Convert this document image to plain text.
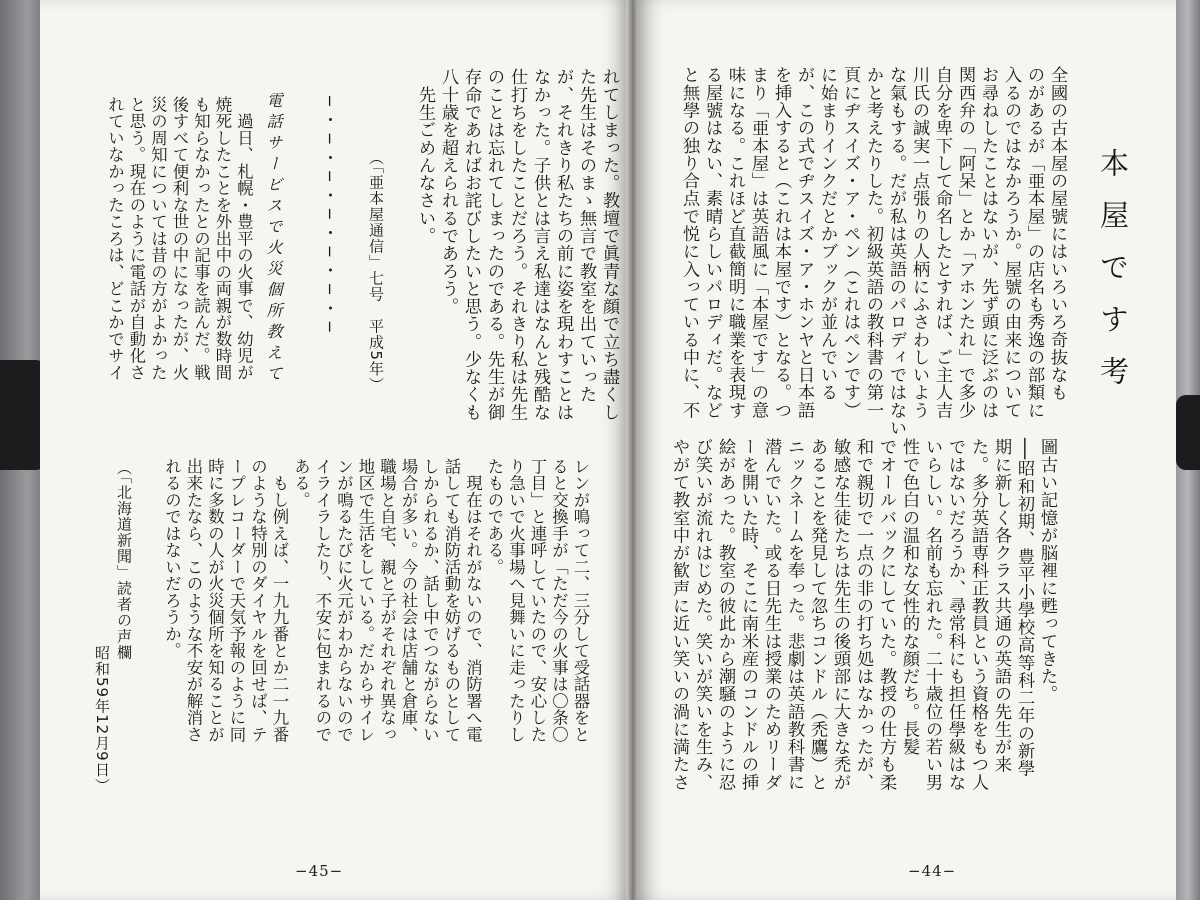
れてしまった。教壇で眞青な顔で立ち盡くし
た先生はそのまゝ無言で教室を出ていった
が、それきり私たちの前に姿を現わすことは
なかった。子供とは言え私達はなんと残酷な
仕打ちをしたことだろう。それきり私は先生
のことは忘れてしまったのである。先生が御
存命であればお詫びしたいと思う。少なくも
八十歳を超えられるであろう。
　先生ごめんなさい。
（「亜本屋通信」七号　平成5年）
─・─・─・─・─・─・─
電話サービスで火災個所教えて
　過日、札幌・豊平の火事で、幼児が
焼死したことを外出中の両親が数時間
も知らなかったとの記事を読んだ。戦
後すべて便利な世の中になったが、火
災の周知については昔の方がよかった
と思う。現在のように電話が自動化さ
れていなかったころは、どこかでサイ
レンが鳴って二、三分して受話器をと
ると交換手が「ただ今の火事は〇条〇
丁目」と連呼していたので、安心した
り急いで火事場へ見舞いに走ったりし
たものである。
　現在はそれがないので、消防署へ電
話しても消防活動を妨げるものとして
しかられるか、話し中でつながらない
場合が多い。今の社会は店舗と倉庫、
職場と自宅、親と子がそれぞれ異なっ
地区で生活をしている。だからサイレ
ンが鳴るたびに火元がわからないので
イライラしたり、不安に包まれるので
ある。
　もし例えば、一九九番とか二一九番
のような特別のダイヤルを回せば、テ
ープレコーダーで天気予報のように同
時に多数の人が火災個所を知ることが
出来たなら、このような不安が解消さ
れるのではないだろうか。
（「北海道新聞」読者の声欄
昭和59年12月9日）
−45−
本屋です考
全國の古本屋の屋號にはいろいろ奇抜なも
のがあるが「亜本屋」の店名も秀逸の部類に
入るのではなかろうか。屋號の由来について
お尋ねしたことはないが、先ず頭に泛ぶのは
関西弁の「阿呆」とか「アホンたれ」で多少
自分を卑下して命名したとすれば、ご主人吉
川氏の誠実一点張りの人柄にふさわしいよう
な氣もする。だが私は英語のパロディではない
かと考えたりした。初級英語の教科書の第一
頁にヂスイズ・ア・ペン（これはペンです）
に始まりインクだとかブックが並んでいる
が、この式でヂスイズ・ア・ホンヤと日本語
を挿入すると（これは本屋です）となる。つ
まり「亜本屋」は英語風に「本屋です」の意
味になる。これほど直截簡明に職業を表現す
る屋號はない、素晴らしいパロディだ。など
と無學の独り合点で悦に入っている中に、不
圖古い記憶が脳裡に甦ってきた。
──昭和初期、豊平小學校高等科二年の新學
期に新しく各クラス共通の英語の先生が来
た。多分英語専科正教員という資格をもつ人
ではないだろうか、尋常科にも担任學級はな
いらしい。名前も忘れた。二十歳位の若い男
性で色白の温和な女性的な顔だち。長髪
でオールバックにしていた。教授の仕方も柔
和で親切で一点の非の打ち処はなかったが、
敏感な生徒たちは先生の後頭部に大きな禿が
あることを発見して忽ちコンドル（禿鷹）と
ニックネームを奉った。悲劇は英語教科書に
潜んでいた。或る日先生は授業のためリーダ
ーを開いた時、そこに南米産のコンドルの挿
絵があった。教室の彼此から潮騒のように忍
び笑いが流れはじめた。笑いが笑いを生み、
やがて教室中が歓声に近い笑いの渦に満たさ
−44−
